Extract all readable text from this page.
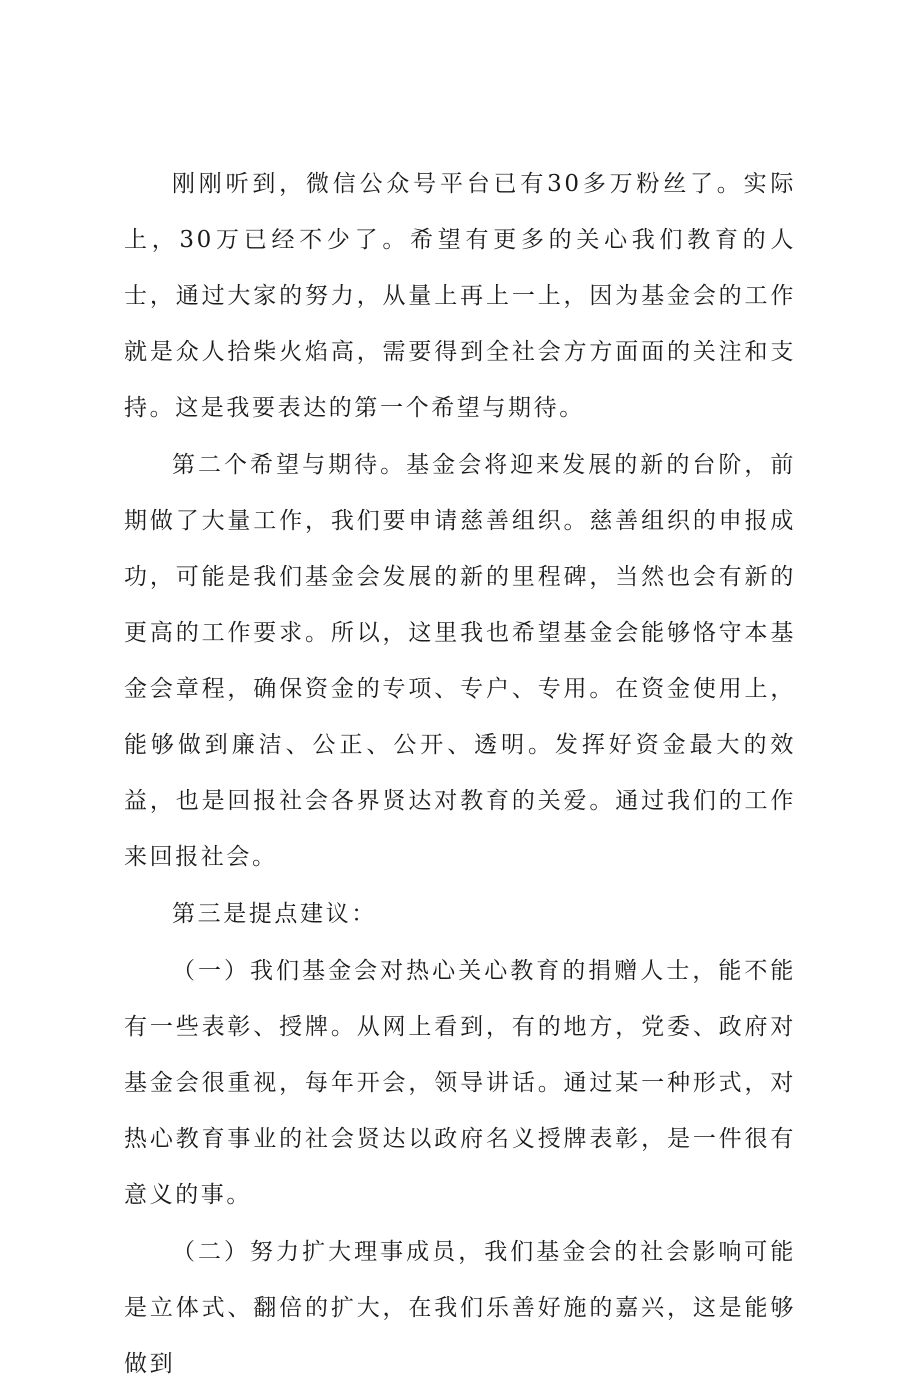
刚刚听到，微信公众号平台已有30多万粉丝了。实际上，30万已经不少了。希望有更多的关心我们教育的人士，通过大家的努力，从量上再上一上，因为基金会的工作就是众人拾柴火焰高，需要得到全社会方方面面的关注和支持。这是我要表达的第一个希望与期待。

第二个希望与期待。基金会将迎来发展的新的台阶，前期做了大量工作，我们要申请慈善组织。慈善组织的申报成功，可能是我们基金会发展的新的里程碑，当然也会有新的更高的工作要求。所以，这里我也希望基金会能够恪守本基金会章程，确保资金的专项、专户、专用。在资金使用上，能够做到廉洁、公正、公开、透明。发挥好资金最大的效益，也是回报社会各界贤达对教育的关爱。通过我们的工作来回报社会。

第三是提点建议：

（一）我们基金会对热心关心教育的捐赠人士，能不能有一些表彰、授牌。从网上看到，有的地方，党委、政府对基金会很重视，每年开会，领导讲话。通过某一种形式，对热心教育事业的社会贤达以政府名义授牌表彰，是一件很有意义的事。

（二）努力扩大理事成员，我们基金会的社会影响可能是立体式、翻倍的扩大，在我们乐善好施的嘉兴，这是能够做到
